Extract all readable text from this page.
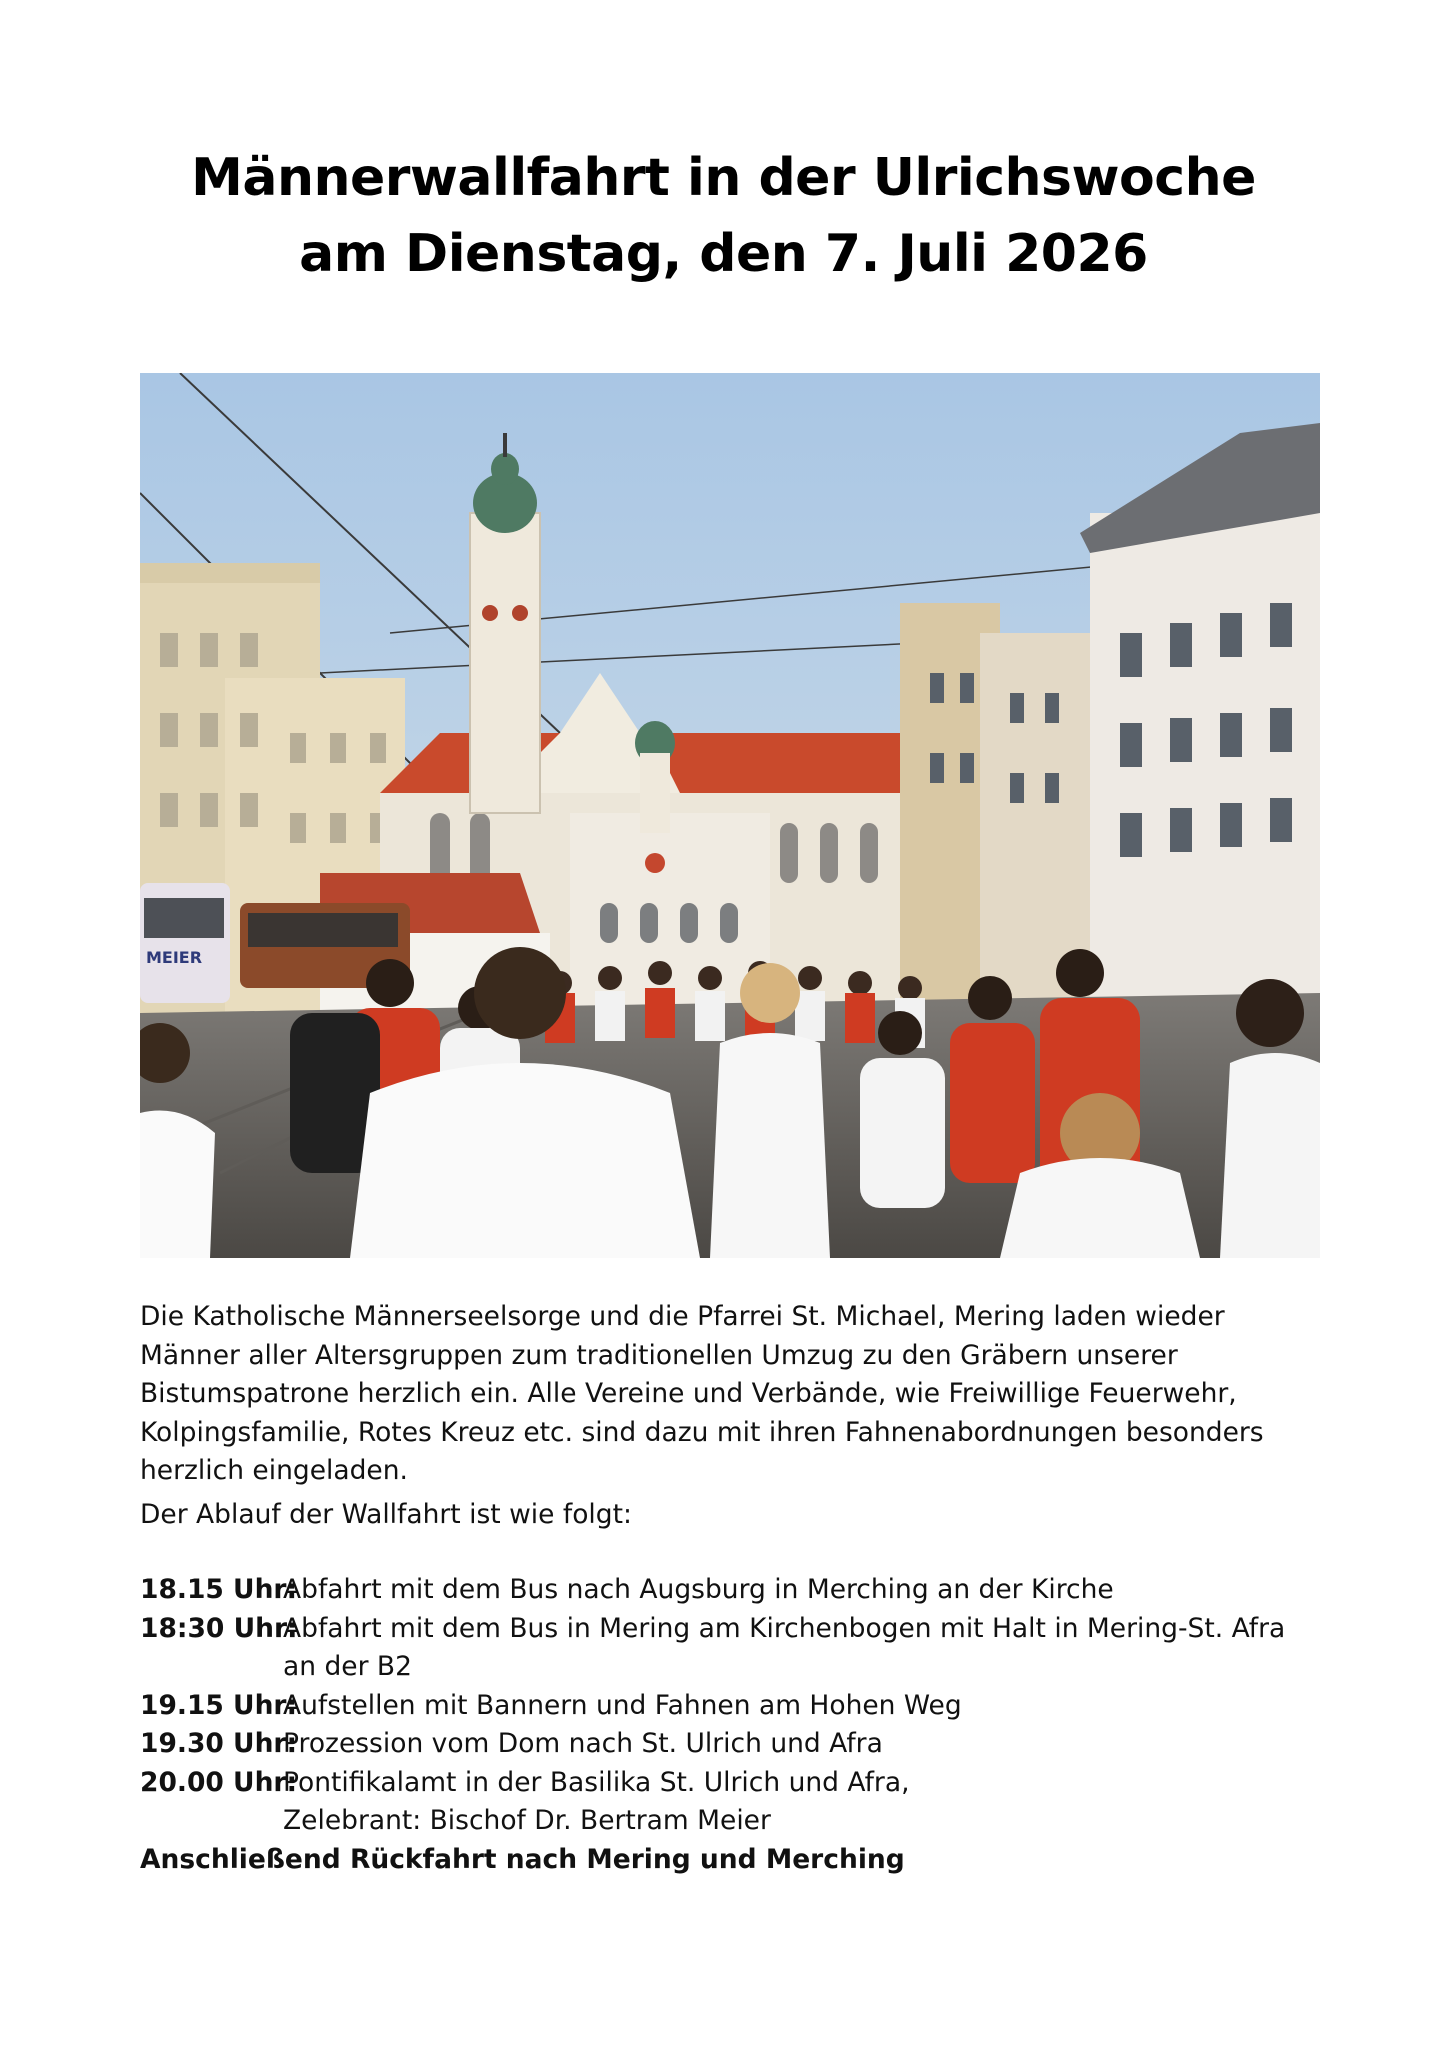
Männerwallfahrt in der Ulrichswoche
am Dienstag, den 7. Juli 2026
MEIER
Die Katholische Männerseelsorge und die Pfarrei St. Michael, Mering laden wieder Männer aller Altersgruppen zum traditionellen Umzug zu den Gräbern unserer Bistumspatrone herzlich ein. Alle Vereine und Verbände, wie Freiwillige Feuerwehr, Kolpingsfamilie, Rotes Kreuz etc. sind dazu mit ihren Fahnenabordnungen besonders herzlich eingeladen.
Der Ablauf der Wallfahrt ist wie folgt:
18.15 Uhr:
Abfahrt mit dem Bus nach Augsburg in Merching an der Kirche
18:30 Uhr:
Abfahrt mit dem Bus in Mering am Kirchenbogen mit Halt in Mering-St. Afra an der B2
19.15 Uhr:
Aufstellen mit Bannern und Fahnen am Hohen Weg
19.30 Uhr:
Prozession vom Dom nach St. Ulrich und Afra
20.00 Uhr:
Pontifikalamt in der Basilika St. Ulrich und Afra,
Zelebrant: Bischof Dr. Bertram Meier
Anschließend Rückfahrt nach Mering und Merching
